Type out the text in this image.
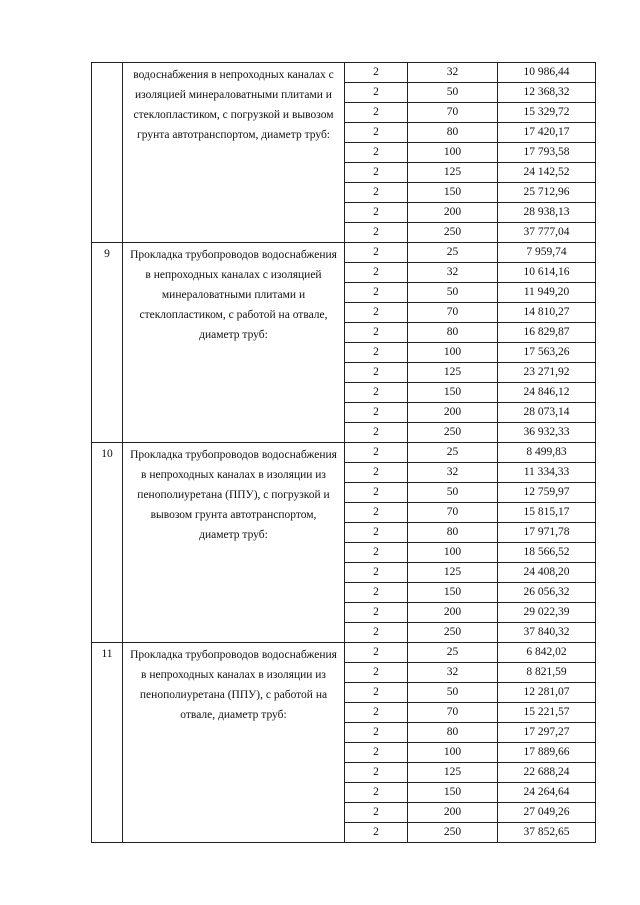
	водоснабжения в непроходных каналах с изоляцией минераловатными плитами и стеклопластиком, с погрузкой и вывозом грунта автотранспортом, диаметр труб:	2	32	10 986,44
		2	50	12 368,32
		2	70	15 329,72
		2	80	17 420,17
		2	100	17 793,58
		2	125	24 142,52
		2	150	25 712,96
		2	200	28 938,13
		2	250	37 777,04
9	Прокладка трубопроводов водоснабжения в непроходных каналах с изоляцией минераловатными плитами и стеклопластиком, с работой на отвале, диаметр труб:	2	25	7 959,74
		2	32	10 614,16
		2	50	11 949,20
		2	70	14 810,27
		2	80	16 829,87
		2	100	17 563,26
		2	125	23 271,92
		2	150	24 846,12
		2	200	28 073,14
		2	250	36 932,33
10	Прокладка трубопроводов водоснабжения в непроходных каналах в изоляции из пенополиуретана (ППУ), с погрузкой и вывозом грунта автотранспортом, диаметр труб:	2	25	8 499,83
		2	32	11 334,33
		2	50	12 759,97
		2	70	15 815,17
		2	80	17 971,78
		2	100	18 566,52
		2	125	24 408,20
		2	150	26 056,32
		2	200	29 022,39
		2	250	37 840,32
11	Прокладка трубопроводов водоснабжения в непроходных каналах в изоляции из пенополиуретана (ППУ), с работой на отвале, диаметр труб:	2	25	6 842,02
		2	32	8 821,59
		2	50	12 281,07
		2	70	15 221,57
		2	80	17 297,27
		2	100	17 889,66
		2	125	22 688,24
		2	150	24 264,64
		2	200	27 049,26
		2	250	37 852,65
